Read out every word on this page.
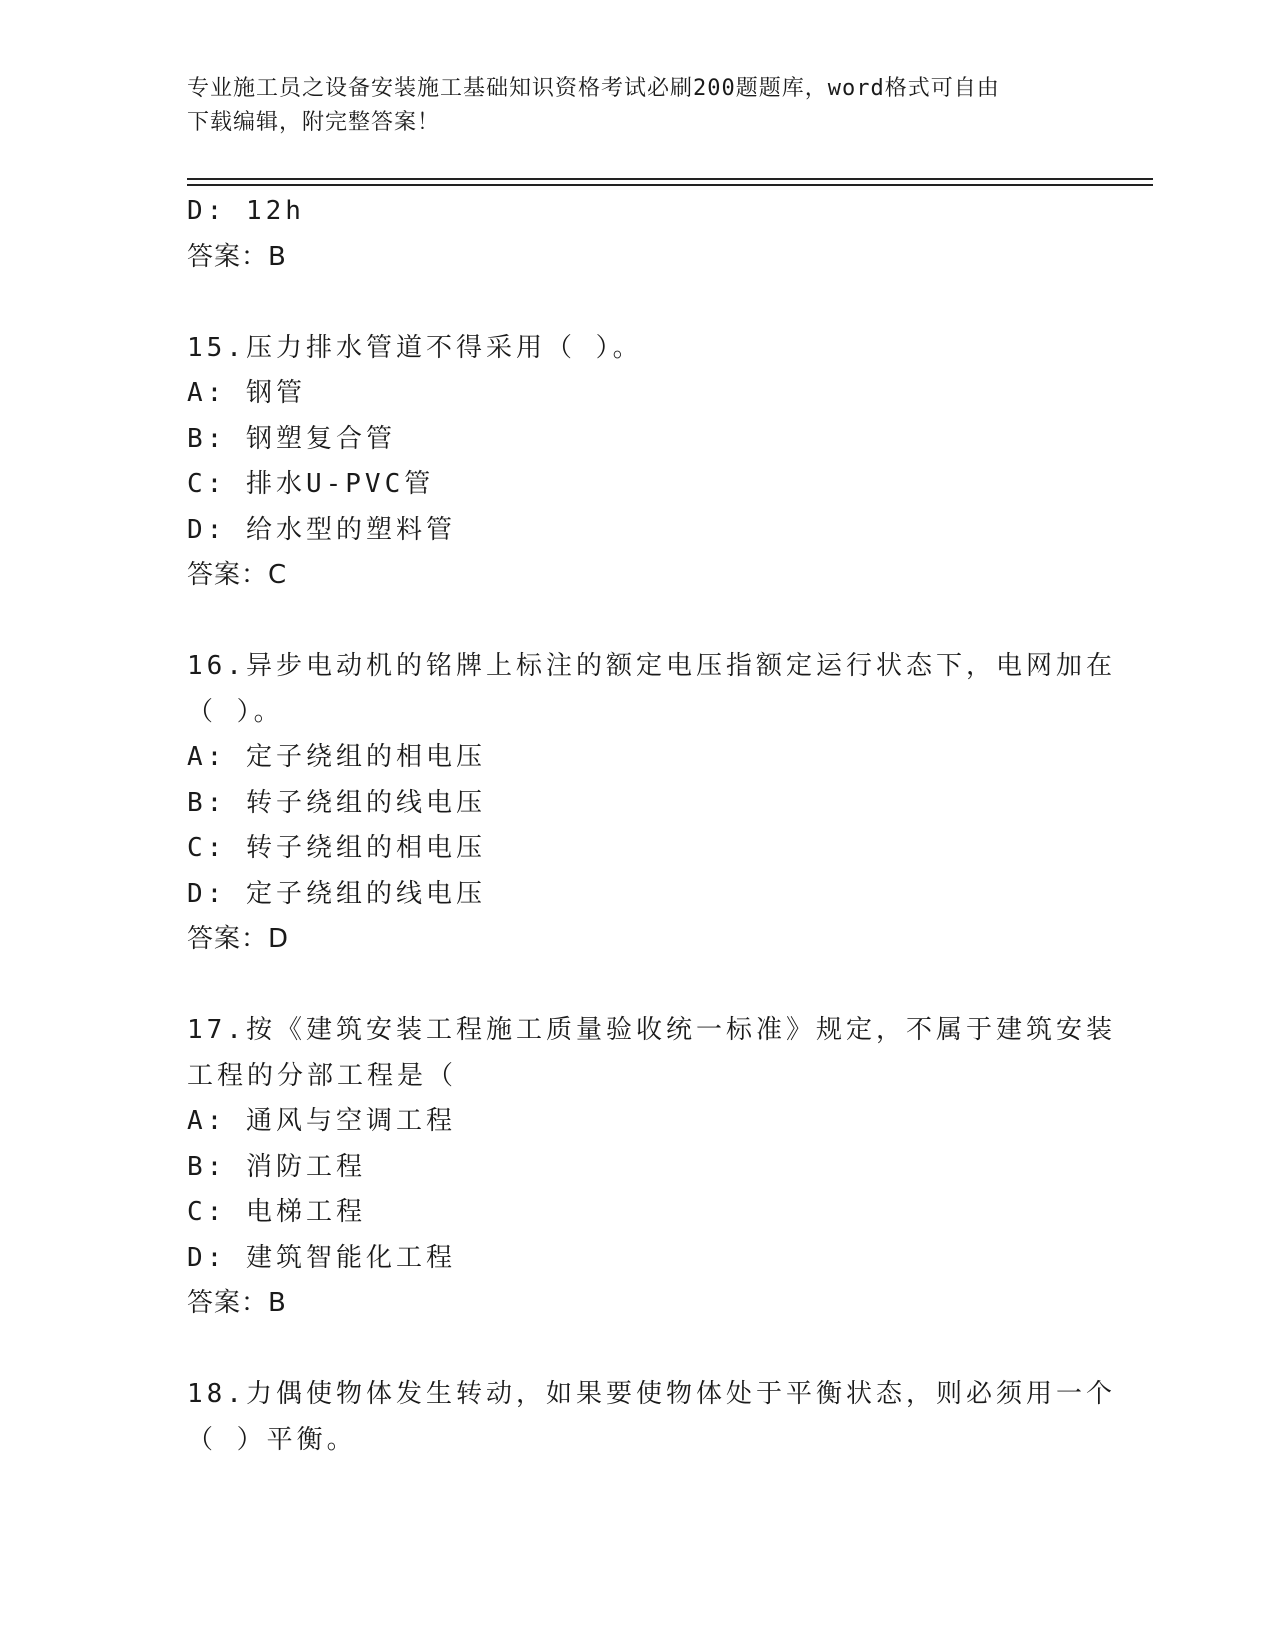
专业施工员之设备安装施工基础知识资格考试必刷200题题库，word格式可自由
下载编辑，附完整答案！
D: 12h
答案：B
15.压力排水管道不得采用（ ）。
A: 钢管
B: 钢塑复合管
C: 排水U-PVC管
D: 给水型的塑料管
答案：C
16.异步电动机的铭牌上标注的额定电压指额定运行状态下，电网加在
（ ）。
A: 定子绕组的相电压
B: 转子绕组的线电压
C: 转子绕组的相电压
D: 定子绕组的线电压
答案：D
17.按《建筑安装工程施工质量验收统一标准》规定，不属于建筑安装
工程的分部工程是（
A: 通风与空调工程
B: 消防工程
C: 电梯工程
D: 建筑智能化工程
答案：B
18.力偶使物体发生转动，如果要使物体处于平衡状态，则必须用一个
（ ）平衡。
